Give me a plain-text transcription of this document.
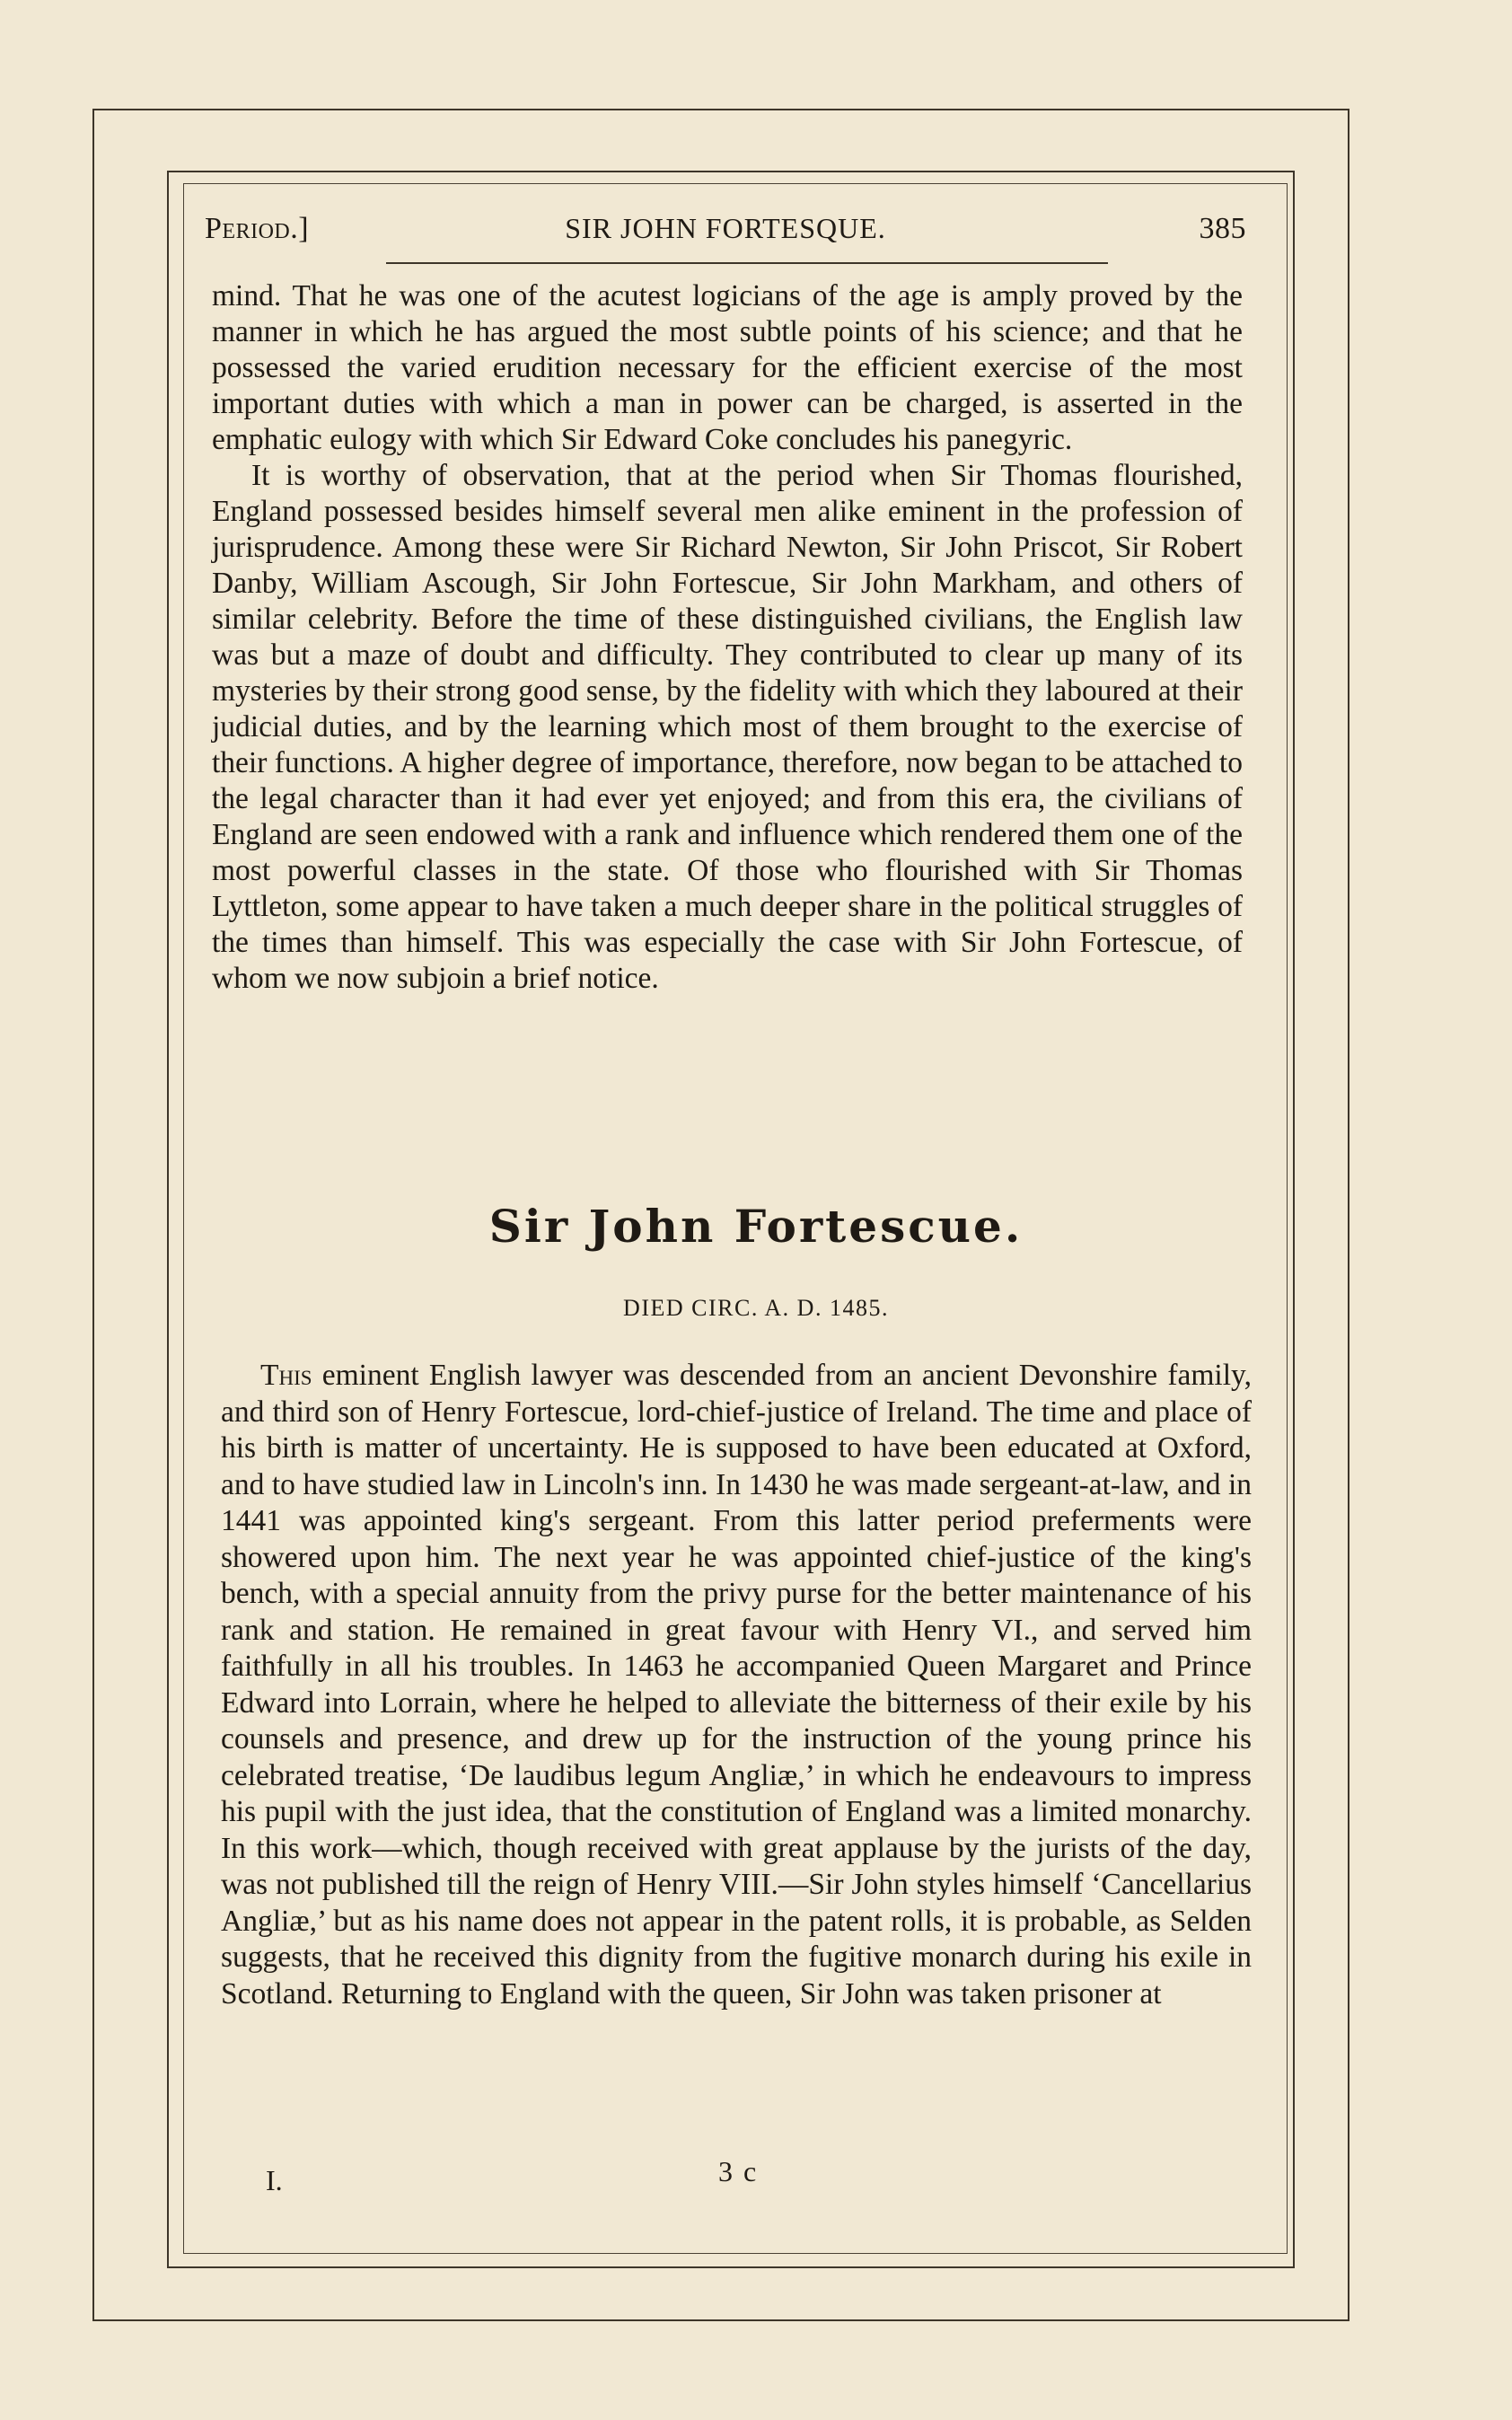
Period.]	SIR JOHN FORTESQUE.	385

mind. That he was one of the acutest logicians of the age is amply proved by the manner in which he has argued the most subtle points of his science; and that he possessed the varied erudition necessary for the efficient exercise of the most important duties with which a man in power can be charged, is asserted in the emphatic eulogy with which Sir Edward Coke concludes his panegyric.

It is worthy of observation, that at the period when Sir Thomas flourished, England possessed besides himself several men alike eminent in the profession of jurisprudence. Among these were Sir Richard Newton, Sir John Priscot, Sir Robert Danby, William Ascough, Sir John Fortescue, Sir John Markham, and others of similar celebrity. Before the time of these distinguished civilians, the English law was but a maze of doubt and difficulty. They contributed to clear up many of its mysteries by their strong good sense, by the fidelity with which they laboured at their judicial duties, and by the learning which most of them brought to the exercise of their functions. A higher degree of importance, therefore, now began to be attached to the legal character than it had ever yet enjoyed; and from this era, the civilians of England are seen endowed with a rank and influence which rendered them one of the most powerful classes in the state. Of those who flourished with Sir Thomas Lyttleton, some appear to have taken a much deeper share in the political struggles of the times than himself. This was especially the case with Sir John Fortescue, of whom we now subjoin a brief notice.

Sir John Fortescue.
DIED CIRC. A. D. 1485.

This eminent English lawyer was descended from an ancient Devonshire family, and third son of Henry Fortescue, lord-chief-justice of Ireland. The time and place of his birth is matter of uncertainty. He is supposed to have been educated at Oxford, and to have studied law in Lincoln's inn. In 1430 he was made sergeant-at-law, and in 1441 was appointed king's sergeant. From this latter period preferments were showered upon him. The next year he was appointed chief-justice of the king's bench, with a special annuity from the privy purse for the better maintenance of his rank and station. He remained in great favour with Henry VI., and served him faithfully in all his troubles. In 1463 he accompanied Queen Margaret and Prince Edward into Lorrain, where he helped to alleviate the bitterness of their exile by his counsels and presence, and drew up for the instruction of the young prince his celebrated treatise, ‘De laudibus legum Angliæ,’ in which he endeavours to impress his pupil with the just idea, that the constitution of England was a limited monarchy. In this work—which, though received with great applause by the jurists of the day, was not published till the reign of Henry VIII.—Sir John styles himself ‘Cancellarius Angliæ,’ but as his name does not appear in the patent rolls, it is probable, as Selden suggests, that he received this dignity from the fugitive monarch during his exile in Scotland. Returning to England with the queen, Sir John was taken prisoner at

I.	3 c
